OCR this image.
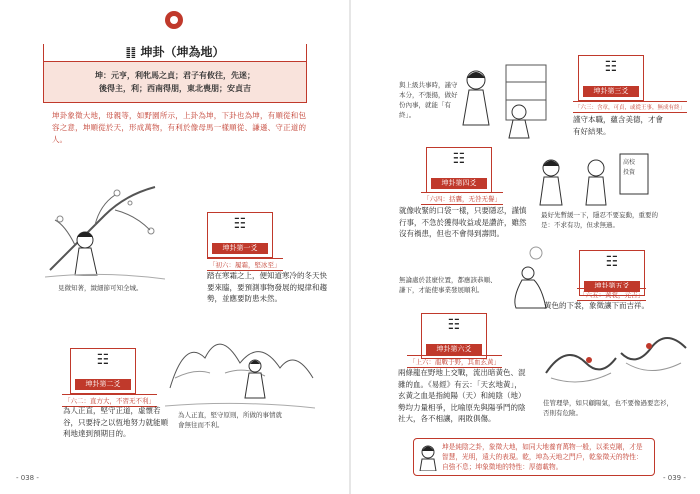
䷁ 坤卦（坤為地）
坤：元亨，利牝馬之貞；君子有攸往，先迷；
後得主，利；西南得朋，東北喪朋；安貞吉
坤卦象徵大地，母親等，如野園所示，上卦為坤，下卦也為坤，有順從和包容之意，坤順從於天，形成萬物，有利於像母馬一樣順從、謙遜、守正道的人。
見微知著，緻細節可知全城。
☷
坤卦第一爻
「初六：履霜，堅冰至」
踏在寒霜之上，便知道寒冷的冬天快要來臨，要預測事物發展的規律和趨勢，並應要防患未然。
為人正直，堅守原則，所做的事情就會無往而不利。
☷
坤卦第二爻
「六二：直方大，不習无不利」
為人正直，堅守正道，虛懷若谷，只要持之以恆地努力就能順利地達到預期目的。
- 038 -
與上級共事時，謹守本分，不張揚，做好份內事，就能「有終」。
☷
坤卦第三爻
「六三：含章，可貞，或從王事，無成有終」
謹守本職，蘊含美德，才會有好結果。
☷
坤卦第四爻
「六四：括囊，无咎无譽」
就像收緊的口袋一樣，只要隱忍，謹慎行事，不急於獲得收益或是讚許，雖然沒有禍患，但也不會得到壽問。
高校投資
最好先暫緩一下，隱忍不要妄動，重要的是：不求有功，但求無過。
無論處於甚麼位置，都應該恭順、謙下，才能使事業發展順利。
☷
坤卦第五爻
「六五：黃裳，元吉」
黃色的下裳，象徵讓下而吉祥。
☷
坤卦第六爻
「上六：龍戰于野，其血玄黃」
兩條龍在野地上交戰，流出暗黃色、混雜的血。《易經》有云：「天玄地黃」，玄黃之血是指純陽（天）和純陰（地）勢均力量相爭，比喻原先與陽爭鬥的陰社大，各不相讓，兩敗俱傷。
佳管理學，如只顧陽氣，也不要像過要恋衫，否則有危險。
- 039 -
坤是純陰之卦，象徵大地，如同大地養育萬物一般，以柔克剛，才是智慧，光明，遠大的表現。乾，坤為天地之門戶，乾象徵天的特性：自強不息；坤象徵地的特性：厚德載物。
